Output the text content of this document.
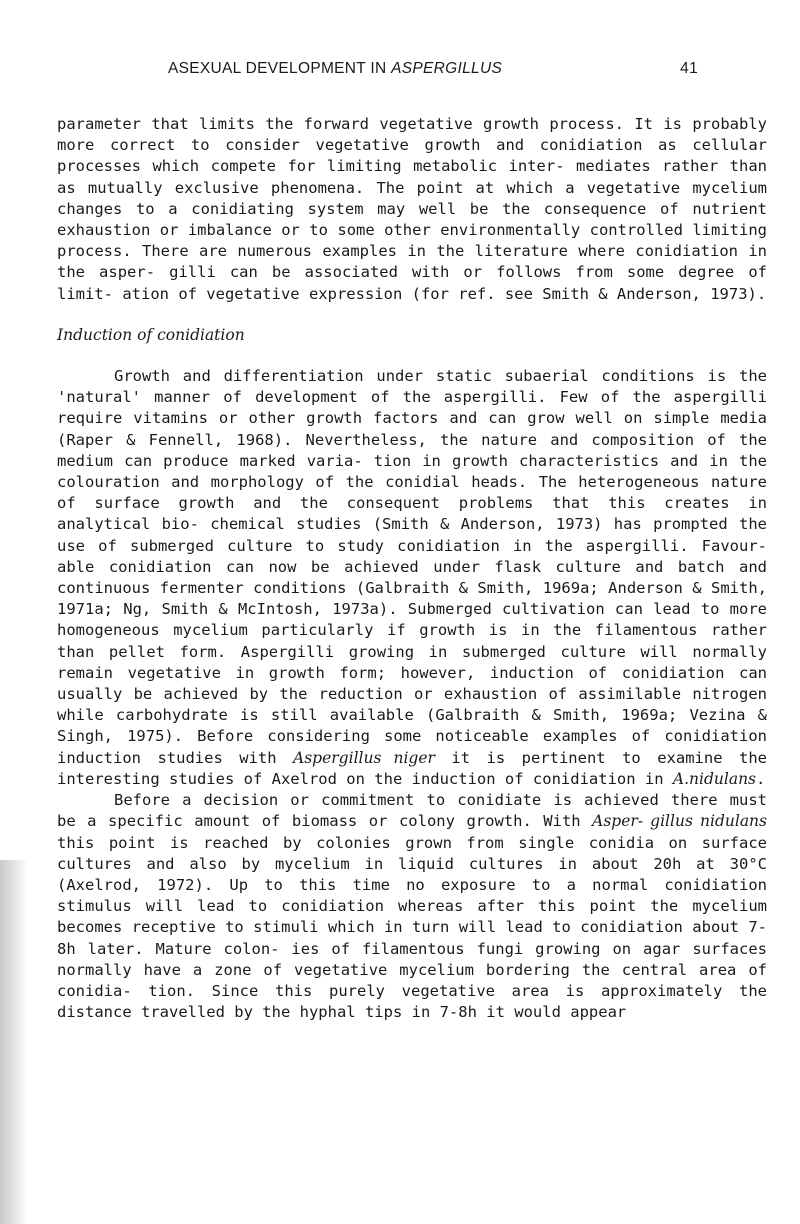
ASEXUAL DEVELOPMENT IN ASPERGILLUS	41

parameter that limits the forward vegetative growth process. It is probably more correct to consider vegetative growth and conidiation as cellular processes which compete for limiting metabolic inter- mediates rather than as mutually exclusive phenomena. The point at which a vegetative mycelium changes to a conidiating system may well be the consequence of nutrient exhaustion or imbalance or to some other environmentally controlled limiting process. There are numerous examples in the literature where conidiation in the asper- gilli can be associated with or follows from some degree of limit- ation of vegetative expression (for ref. see Smith & Anderson, 1973).

Induction of conidiation

Growth and differentiation under static subaerial conditions is the 'natural' manner of development of the aspergilli. Few of the aspergilli require vitamins or other growth factors and can grow well on simple media (Raper & Fennell, 1968). Nevertheless, the nature and composition of the medium can produce marked varia- tion in growth characteristics and in the colouration and morphology of the conidial heads. The heterogeneous nature of surface growth and the consequent problems that this creates in analytical bio- chemical studies (Smith & Anderson, 1973) has prompted the use of submerged culture to study conidiation in the aspergilli. Favour- able conidiation can now be achieved under flask culture and batch and continuous fermenter conditions (Galbraith & Smith, 1969a; Anderson & Smith, 1971a; Ng, Smith & McIntosh, 1973a). Submerged cultivation can lead to more homogeneous mycelium particularly if growth is in the filamentous rather than pellet form. Aspergilli growing in submerged culture will normally remain vegetative in growth form; however, induction of conidiation can usually be achieved by the reduction or exhaustion of assimilable nitrogen while carbohydrate is still available (Galbraith & Smith, 1969a; Vezina & Singh, 1975). Before considering some noticeable examples of conidiation induction studies with Aspergillus niger it is pertinent to examine the interesting studies of Axelrod on the induction of conidiation in A.nidulans.

Before a decision or commitment to conidiate is achieved there must be a specific amount of biomass or colony growth. With Asper- gillus nidulans this point is reached by colonies grown from single conidia on surface cultures and also by mycelium in liquid cultures in about 20h at 30°C (Axelrod, 1972). Up to this time no exposure to a normal conidiation stimulus will lead to conidiation whereas after this point the mycelium becomes receptive to stimuli which in turn will lead to conidiation about 7-8h later. Mature colon- ies of filamentous fungi growing on agar surfaces normally have a zone of vegetative mycelium bordering the central area of conidia- tion. Since this purely vegetative area is approximately the distance travelled by the hyphal tips in 7-8h it would appear
